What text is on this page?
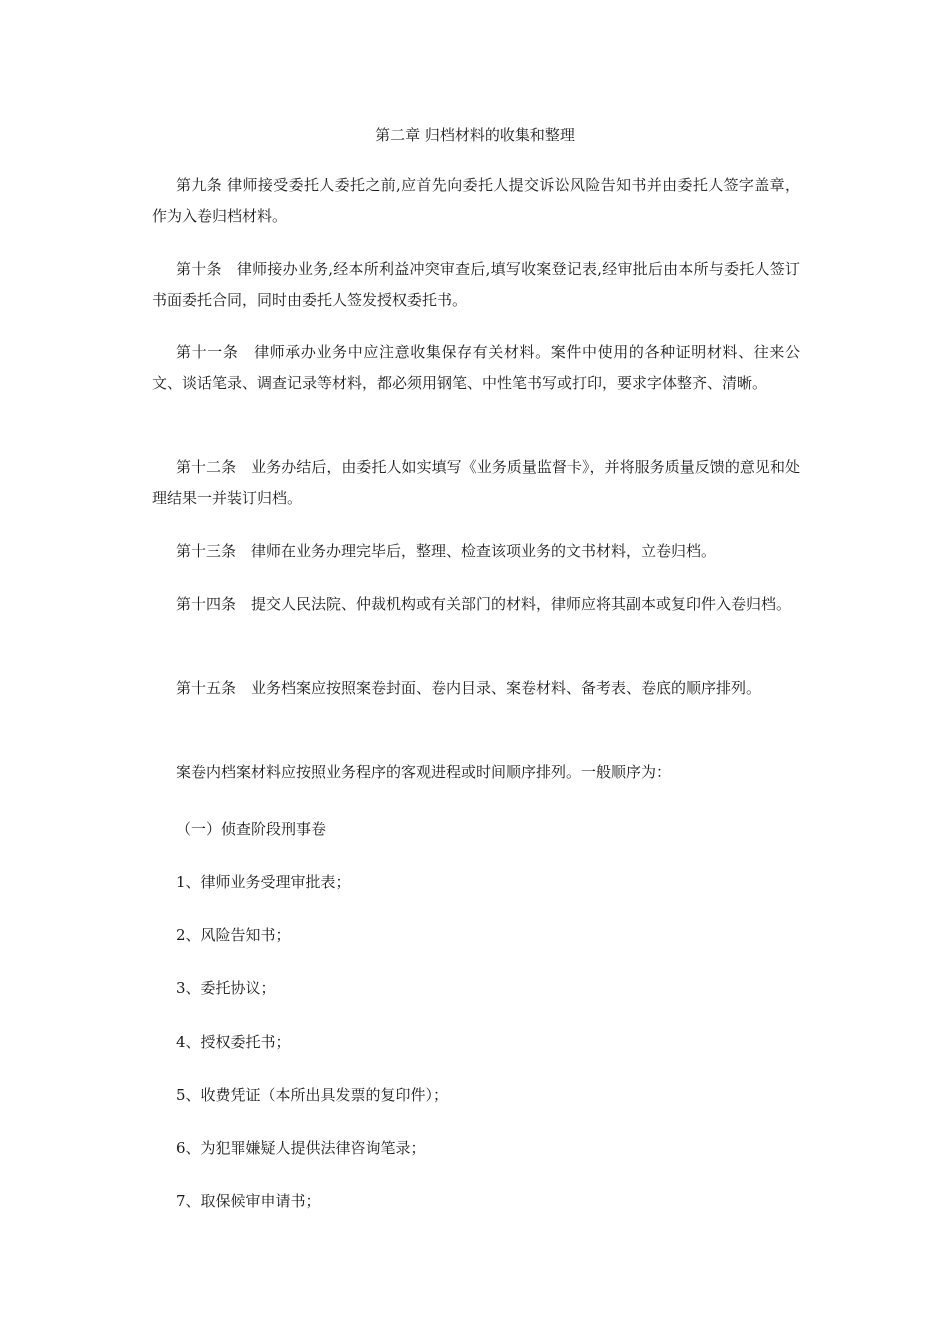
第二章 归档材料的收集和整理
第九条 律师接受委托人委托之前,应首先向委托人提交诉讼风险告知书并由委托人签字盖章，作为入卷归档材料。
第十条　律师接办业务,经本所利益冲突审查后,填写收案登记表,经审批后由本所与委托人签订书面委托合同，同时由委托人签发授权委托书。
第十一条　律师承办业务中应注意收集保存有关材料。案件中使用的各种证明材料、往来公文、谈话笔录、调查记录等材料，都必须用钢笔、中性笔书写或打印，要求字体整齐、清晰。
第十二条　业务办结后，由委托人如实填写《业务质量监督卡》，并将服务质量反馈的意见和处理结果一并装订归档。
第十三条　律师在业务办理完毕后，整理、检查该项业务的文书材料，立卷归档。
第十四条　提交人民法院、仲裁机构或有关部门的材料，律师应将其副本或复印件入卷归档。
第十五条　业务档案应按照案卷封面、卷内目录、案卷材料、备考表、卷底的顺序排列。
案卷内档案材料应按照业务程序的客观进程或时间顺序排列。一般顺序为：
（一）侦查阶段刑事卷
1、律师业务受理审批表；
2、风险告知书；
3、委托协议；
4、授权委托书；
5、收费凭证（本所出具发票的复印件）；
6、为犯罪嫌疑人提供法律咨询笔录；
7、取保候审申请书；
